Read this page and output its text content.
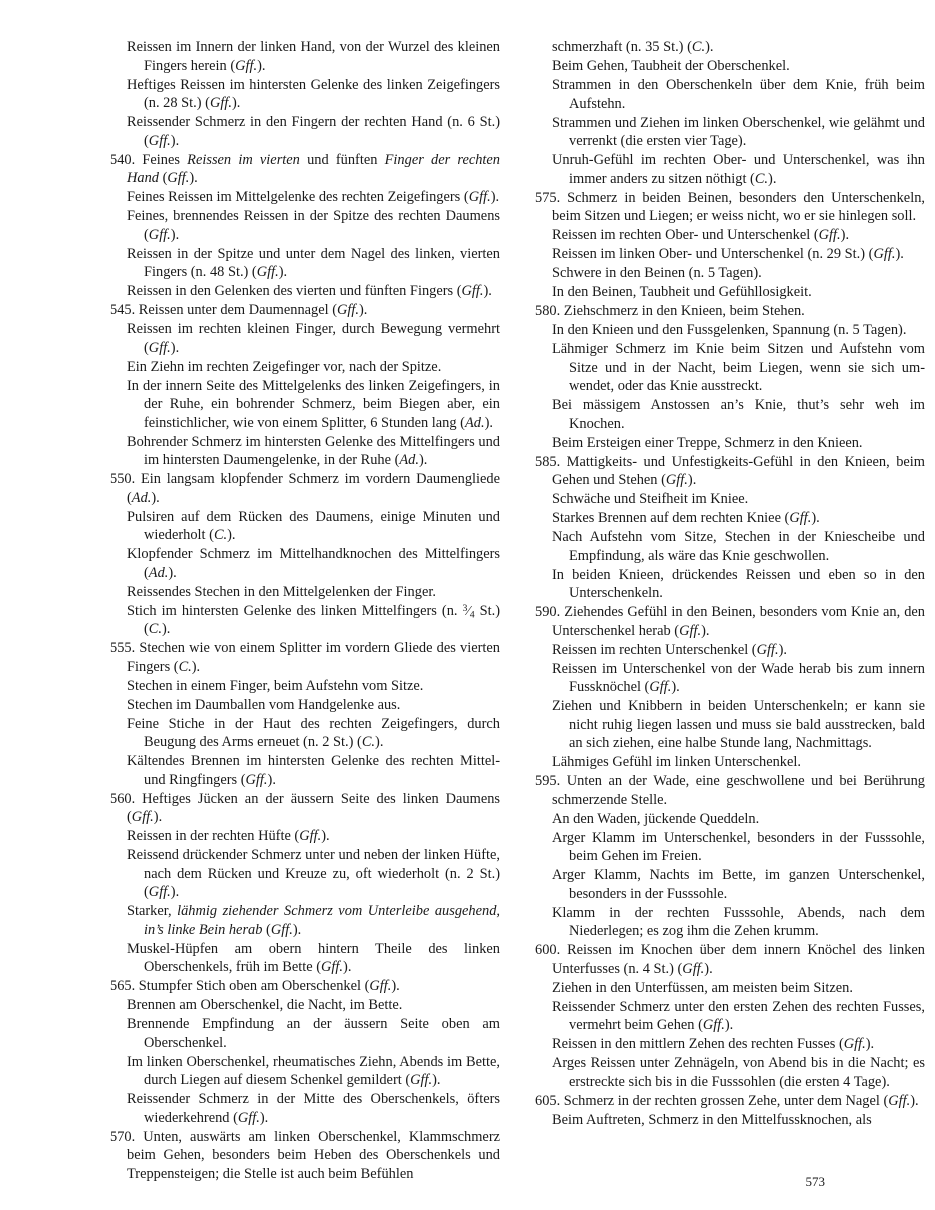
Reissen im Innern der linken Hand, von der Wurzel des kleinen Fingers herein (Gff.).

Heftiges Reissen im hintersten Gelenke des linken Zeigefingers (n. 28 St.) (Gff.).

Reissender Schmerz in den Fingern der rechten Hand (n. 6 St.) (Gff.).

540. Feines Reissen im vierten und fünften Finger der rechten Hand (Gff.).

Feines Reissen im Mittelgelenke des rechten Zeigefingers (Gff.).

Feines, brennendes Reissen in der Spitze des rechten Daumens (Gff.).

Reissen in der Spitze und unter dem Nagel des linken, vierten Fingers (n. 48 St.) (Gff.).

Reissen in den Gelenken des vierten und fünften Fingers (Gff.).

545. Reissen unter dem Daumennagel (Gff.).

Reissen im rechten kleinen Finger, durch Bewegung vermehrt (Gff.).

Ein Ziehn im rechten Zeigefinger vor, nach der Spitze.

In der innern Seite des Mittelgelenks des linken Zeigefingers, in der Ruhe, ein bohrender Schmerz, beim Biegen aber, ein feinstichlicher, wie von einem Splitter, 6 Stunden lang (Ad.).

Bohrender Schmerz im hintersten Gelenke des Mittelfingers und im hintersten Daumengelenke, in der Ruhe (Ad.).

550. Ein langsam klopfender Schmerz im vordern Daumengliede (Ad.).

Pulsiren auf dem Rücken des Daumens, einige Minuten und wiederholt (C.).

Klopfender Schmerz im Mittelhandknochen des Mittelfingers (Ad.).

Reissendes Stechen in den Mittelgelenken der Finger.

Stich im hintersten Gelenke des linken Mittelfingers (n. $^3⁄_4$ St.) (C.).

555. Stechen wie von einem Splitter im vordern Gliede des vierten Fingers (C.).

Stechen in einem Finger, beim Aufstehn vom Sitze.

Stechen im Daumballen vom Handgelenke aus.

Feine Stiche in der Haut des rechten Zeigefingers, durch Beugung des Arms erneuet (n. 2 St.) (C.).

Kältendes Brennen im hintersten Gelenke des rechten Mittel- und Ringfingers (Gff.).

560. Heftiges Jücken an der äussern Seite des linken Daumens (Gff.).

Reissen in der rechten Hüfte (Gff.).

Reissend drückender Schmerz unter und neben der linken Hüfte, nach dem Rücken und Kreuze zu, oft wiederholt (n. 2 St.) (Gff.).

Starker, lähmig ziehender Schmerz vom Unterleibe ausgehend, in’s linke Bein herab (Gff.).

Muskel-Hüpfen am obern hintern Theile des linken Oberschenkels, früh im Bette (Gff.).

565. Stumpfer Stich oben am Oberschenkel (Gff.).

Brennen am Oberschenkel, die Nacht, im Bette.

Brennende Empfindung an der äussern Seite oben am Oberschenkel.

Im linken Oberschenkel, rheumatisches Ziehn, Abends im Bette, durch Liegen auf diesem Schenkel gemildert (Gff.).

Reissender Schmerz in der Mitte des Oberschenkels, öfters wiederkehrend (Gff.).

570. Unten, auswärts am linken Oberschenkel, Klammschmerz beim Gehen, besonders beim Heben des Oberschenkels und Treppensteigen; die Stelle ist auch beim Befühlen

schmerzhaft (n. 35 St.) (C.).

Beim Gehen, Taubheit der Oberschenkel.

Strammen in den Oberschenkeln über dem Knie, früh beim Aufstehn.

Strammen und Ziehen im linken Oberschenkel, wie gelähmt und verrenkt (die ersten vier Tage).

Unruh-Gefühl im rechten Ober- und Unterschenkel, was ihn immer anders zu sitzen nöthigt (C.).

575. Schmerz in beiden Beinen, besonders den Unterschenkeln, beim Sitzen und Liegen; er weiss nicht, wo er sie hinlegen soll.

Reissen im rechten Ober- und Unterschenkel (Gff.).

Reissen im linken Ober- und Unterschenkel (n. 29 St.) (Gff.).

Schwere in den Beinen (n. 5 Tagen).

In den Beinen, Taubheit und Gefühllosigkeit.

580. Ziehschmerz in den Knieen, beim Stehen.

In den Knieen und den Fussgelenken, Spannung (n. 5 Tagen).

Lähmiger Schmerz im Knie beim Sitzen und Aufstehn vom Sitze und in der Nacht, beim Liegen, wenn sie sich umwendet, oder das Knie ausstreckt.

Bei mässigem Anstossen an’s Knie, thut’s sehr weh im Knochen.

Beim Ersteigen einer Treppe, Schmerz in den Knieen.

585. Mattigkeits- und Unfestigkeits-Gefühl in den Knieen, beim Gehen und Stehen (Gff.).

Schwäche und Steifheit im Kniee.

Starkes Brennen auf dem rechten Kniee (Gff.).

Nach Aufstehn vom Sitze, Stechen in der Kniescheibe und Empfindung, als wäre das Knie geschwollen.

In beiden Knieen, drückendes Reissen und eben so in den Unterschenkeln.

590. Ziehendes Gefühl in den Beinen, besonders vom Knie an, den Unterschenkel herab (Gff.).

Reissen im rechten Unterschenkel (Gff.).

Reissen im Unterschenkel von der Wade herab bis zum innern Fussknöchel (Gff.).

Ziehen und Knibbern in beiden Unterschenkeln; er kann sie nicht ruhig liegen lassen und muss sie bald ausstrecken, bald an sich ziehen, eine halbe Stunde lang, Nachmittags.

Lähmiges Gefühl im linken Unterschenkel.

595. Unten an der Wade, eine geschwollene und bei Berührung schmerzende Stelle.

An den Waden, jückende Queddeln.

Arger Klamm im Unterschenkel, besonders in der Fusssohle, beim Gehen im Freien.

Arger Klamm, Nachts im Bette, im ganzen Unterschenkel, besonders in der Fusssohle.

Klamm in der rechten Fusssohle, Abends, nach dem Niederlegen; es zog ihm die Zehen krumm.

600. Reissen im Knochen über dem innern Knöchel des linken Unterfusses (n. 4 St.) (Gff.).

Ziehen in den Unterfüssen, am meisten beim Sitzen.

Reissender Schmerz unter den ersten Zehen des rechten Fusses, vermehrt beim Gehen (Gff.).

Reissen in den mittlern Zehen des rechten Fusses (Gff.).

Arges Reissen unter Zehnägeln, von Abend bis in die Nacht; es erstreckte sich bis in die Fusssohlen (die ersten 4 Tage).

605. Schmerz in der rechten grossen Zehe, unter dem Nagel (Gff.).

Beim Auftreten, Schmerz in den Mittelfussknochen, als

573
